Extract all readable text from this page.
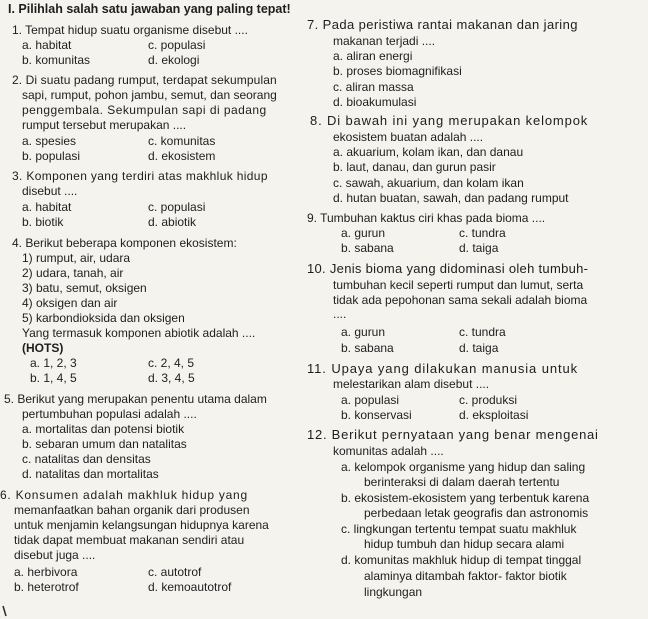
I. Pilihlah salah satu jawaban yang paling tepat!
1. Tempat hidup suatu organisme disebut ....
a. habitat	c. populasi
b. komunitas	d. ekologi
2. Di suatu padang rumput, terdapat sekumpulan
sapi, rumput, pohon jambu, semut, dan seorang
penggembala. Sekumpulan sapi di padang
rumput tersebut merupakan ....
a. spesies	c. komunitas
b. populasi	d. ekosistem
3. Komponen yang terdiri atas makhluk hidup
disebut ....
a. habitat	c. populasi
b. biotik	d. abiotik
4. Berikut beberapa komponen ekosistem:
1) rumput, air, udara
2) udara, tanah, air
3) batu, semut, oksigen
4) oksigen dan air
5) karbondioksida dan oksigen
Yang termasuk komponen abiotik adalah ....
(HOTS)
a. 1, 2, 3	c. 2, 4, 5
b. 1, 4, 5	d. 3, 4, 5
5. Berikut yang merupakan penentu utama dalam
pertumbuhan populasi adalah ....
a. mortalitas dan potensi biotik
b. sebaran umum dan natalitas
c. natalitas dan densitas
d. natalitas dan mortalitas
6. Konsumen adalah makhluk hidup yang
memanfaatkan bahan organik dari produsen
untuk menjamin kelangsungan hidupnya karena
tidak dapat membuat makanan sendiri atau
disebut juga ....
a. herbivora	c. autotrof
b. heterotrof	d. kemoautotrof
7. Pada peristiwa rantai makanan dan jaring
makanan terjadi ....
a. aliran energi
b. proses biomagnifikasi
c. aliran massa
d. bioakumulasi
8. Di bawah ini yang merupakan kelompok
ekosistem buatan adalah ....
a. akuarium, kolam ikan, dan danau
b. laut, danau, dan gurun pasir
c. sawah, akuarium, dan kolam ikan
d. hutan buatan, sawah, dan padang rumput
9. Tumbuhan kaktus ciri khas pada bioma ....
a. gurun	c. tundra
b. sabana	d. taiga
10. Jenis bioma yang didominasi oleh tumbuh-
tumbuhan kecil seperti rumput dan lumut, serta
tidak ada pepohonan sama sekali adalah bioma
....
a. gurun	c. tundra
b. sabana	d. taiga
11. Upaya yang dilakukan manusia untuk
melestarikan alam disebut ....
a. populasi	c. produksi
b. konservasi	d. eksploitasi
12. Berikut pernyataan yang benar mengenai
komunitas adalah ....
a. kelompok organisme yang hidup dan saling
berinteraksi di dalam daerah tertentu
b. ekosistem-ekosistem yang terbentuk karena
perbedaan letak geografis dan astronomis
c. lingkungan tertentu tempat suatu makhluk
hidup tumbuh dan hidup secara alami
d. komunitas makhluk hidup di tempat tinggal
alaminya ditambah faktor- faktor biotik
lingkungan
